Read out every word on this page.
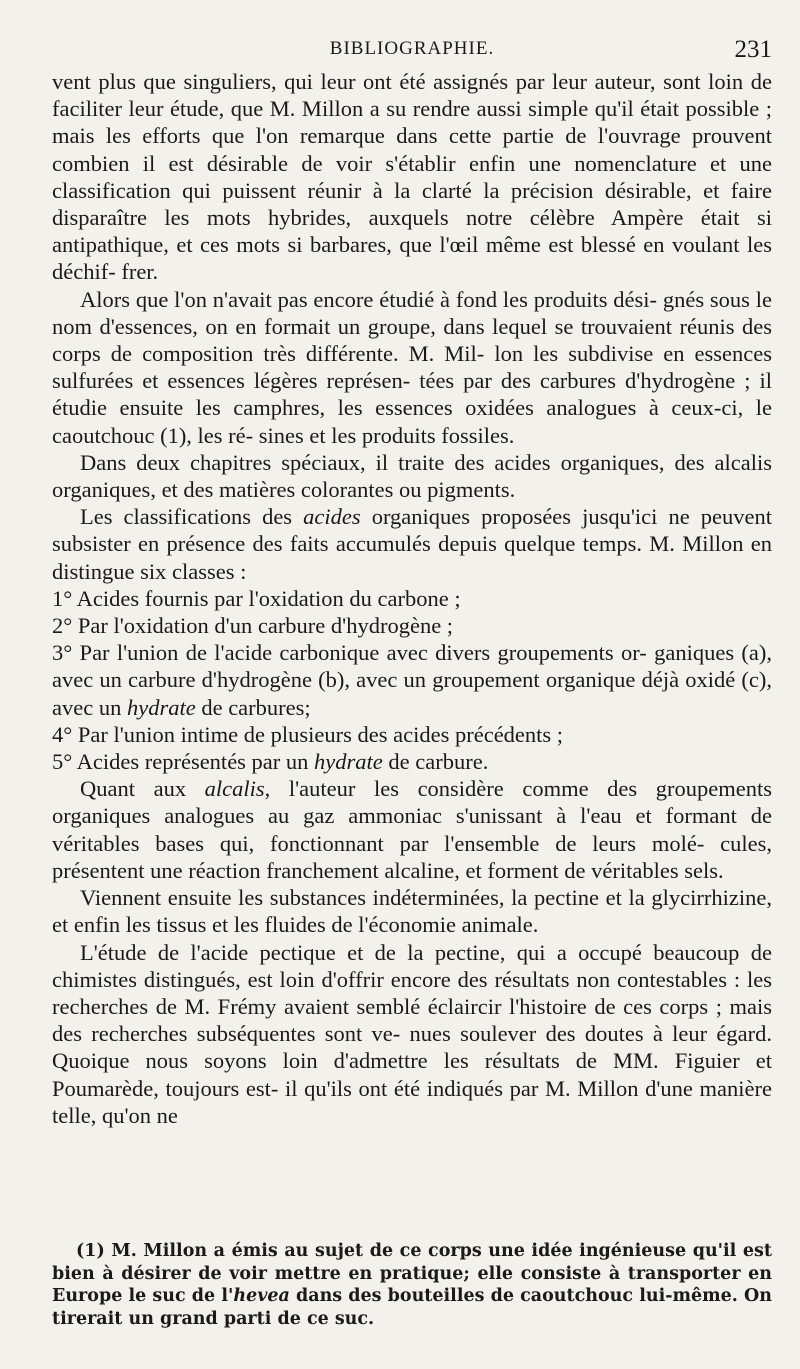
BIBLIOGRAPHIE.	231

vent plus que singuliers, qui leur ont été assignés par leur auteur, sont loin de faciliter leur étude, que M. Millon a su rendre aussi simple qu'il était possible ; mais les efforts que l'on remarque dans cette partie de l'ouvrage prouvent combien il est désirable de voir s'établir enfin une nomenclature et une classification qui puissent réunir à la clarté la précision désirable, et faire disparaître les mots hybrides, auxquels notre célèbre Ampère était si antipathique, et ces mots si barbares, que l'œil même est blessé en voulant les déchif- frer.

Alors que l'on n'avait pas encore étudié à fond les produits dési- gnés sous le nom d'essences, on en formait un groupe, dans lequel se trouvaient réunis des corps de composition très différente. M. Mil- lon les subdivise en essences sulfurées et essences légères représen- tées par des carbures d'hydrogène ; il étudie ensuite les camphres, les essences oxidées analogues à ceux-ci, le caoutchouc (1), les ré- sines et les produits fossiles.

Dans deux chapitres spéciaux, il traite des acides organiques, des alcalis organiques, et des matières colorantes ou pigments.

Les classifications des acides organiques proposées jusqu'ici ne peuvent subsister en présence des faits accumulés depuis quelque temps. M. Millon en distingue six classes :

1° Acides fournis par l'oxidation du carbone ;

2° Par l'oxidation d'un carbure d'hydrogène ;

3° Par l'union de l'acide carbonique avec divers groupements or- ganiques (a), avec un carbure d'hydrogène (b), avec un groupement organique déjà oxidé (c), avec un hydrate de carbures;

4° Par l'union intime de plusieurs des acides précédents ;

5° Acides représentés par un hydrate de carbure.

Quant aux alcalis, l'auteur les considère comme des groupements organiques analogues au gaz ammoniac s'unissant à l'eau et formant de véritables bases qui, fonctionnant par l'ensemble de leurs molé- cules, présentent une réaction franchement alcaline, et forment de véritables sels.

Viennent ensuite les substances indéterminées, la pectine et la glycirrhizine, et enfin les tissus et les fluides de l'économie animale.

L'étude de l'acide pectique et de la pectine, qui a occupé beaucoup de chimistes distingués, est loin d'offrir encore des résultats non contestables : les recherches de M. Frémy avaient semblé éclaircir l'histoire de ces corps ; mais des recherches subséquentes sont ve- nues soulever des doutes à leur égard. Quoique nous soyons loin d'admettre les résultats de MM. Figuier et Poumarède, toujours est- il qu'ils ont été indiqués par M. Millon d'une manière telle, qu'on ne

(1) M. Millon a émis au sujet de ce corps une idée ingénieuse qu'il est bien à désirer de voir mettre en pratique; elle consiste à transporter en Europe le suc de l'hevea dans des bouteilles de caoutchouc lui-même. On tirerait un grand parti de ce suc.
